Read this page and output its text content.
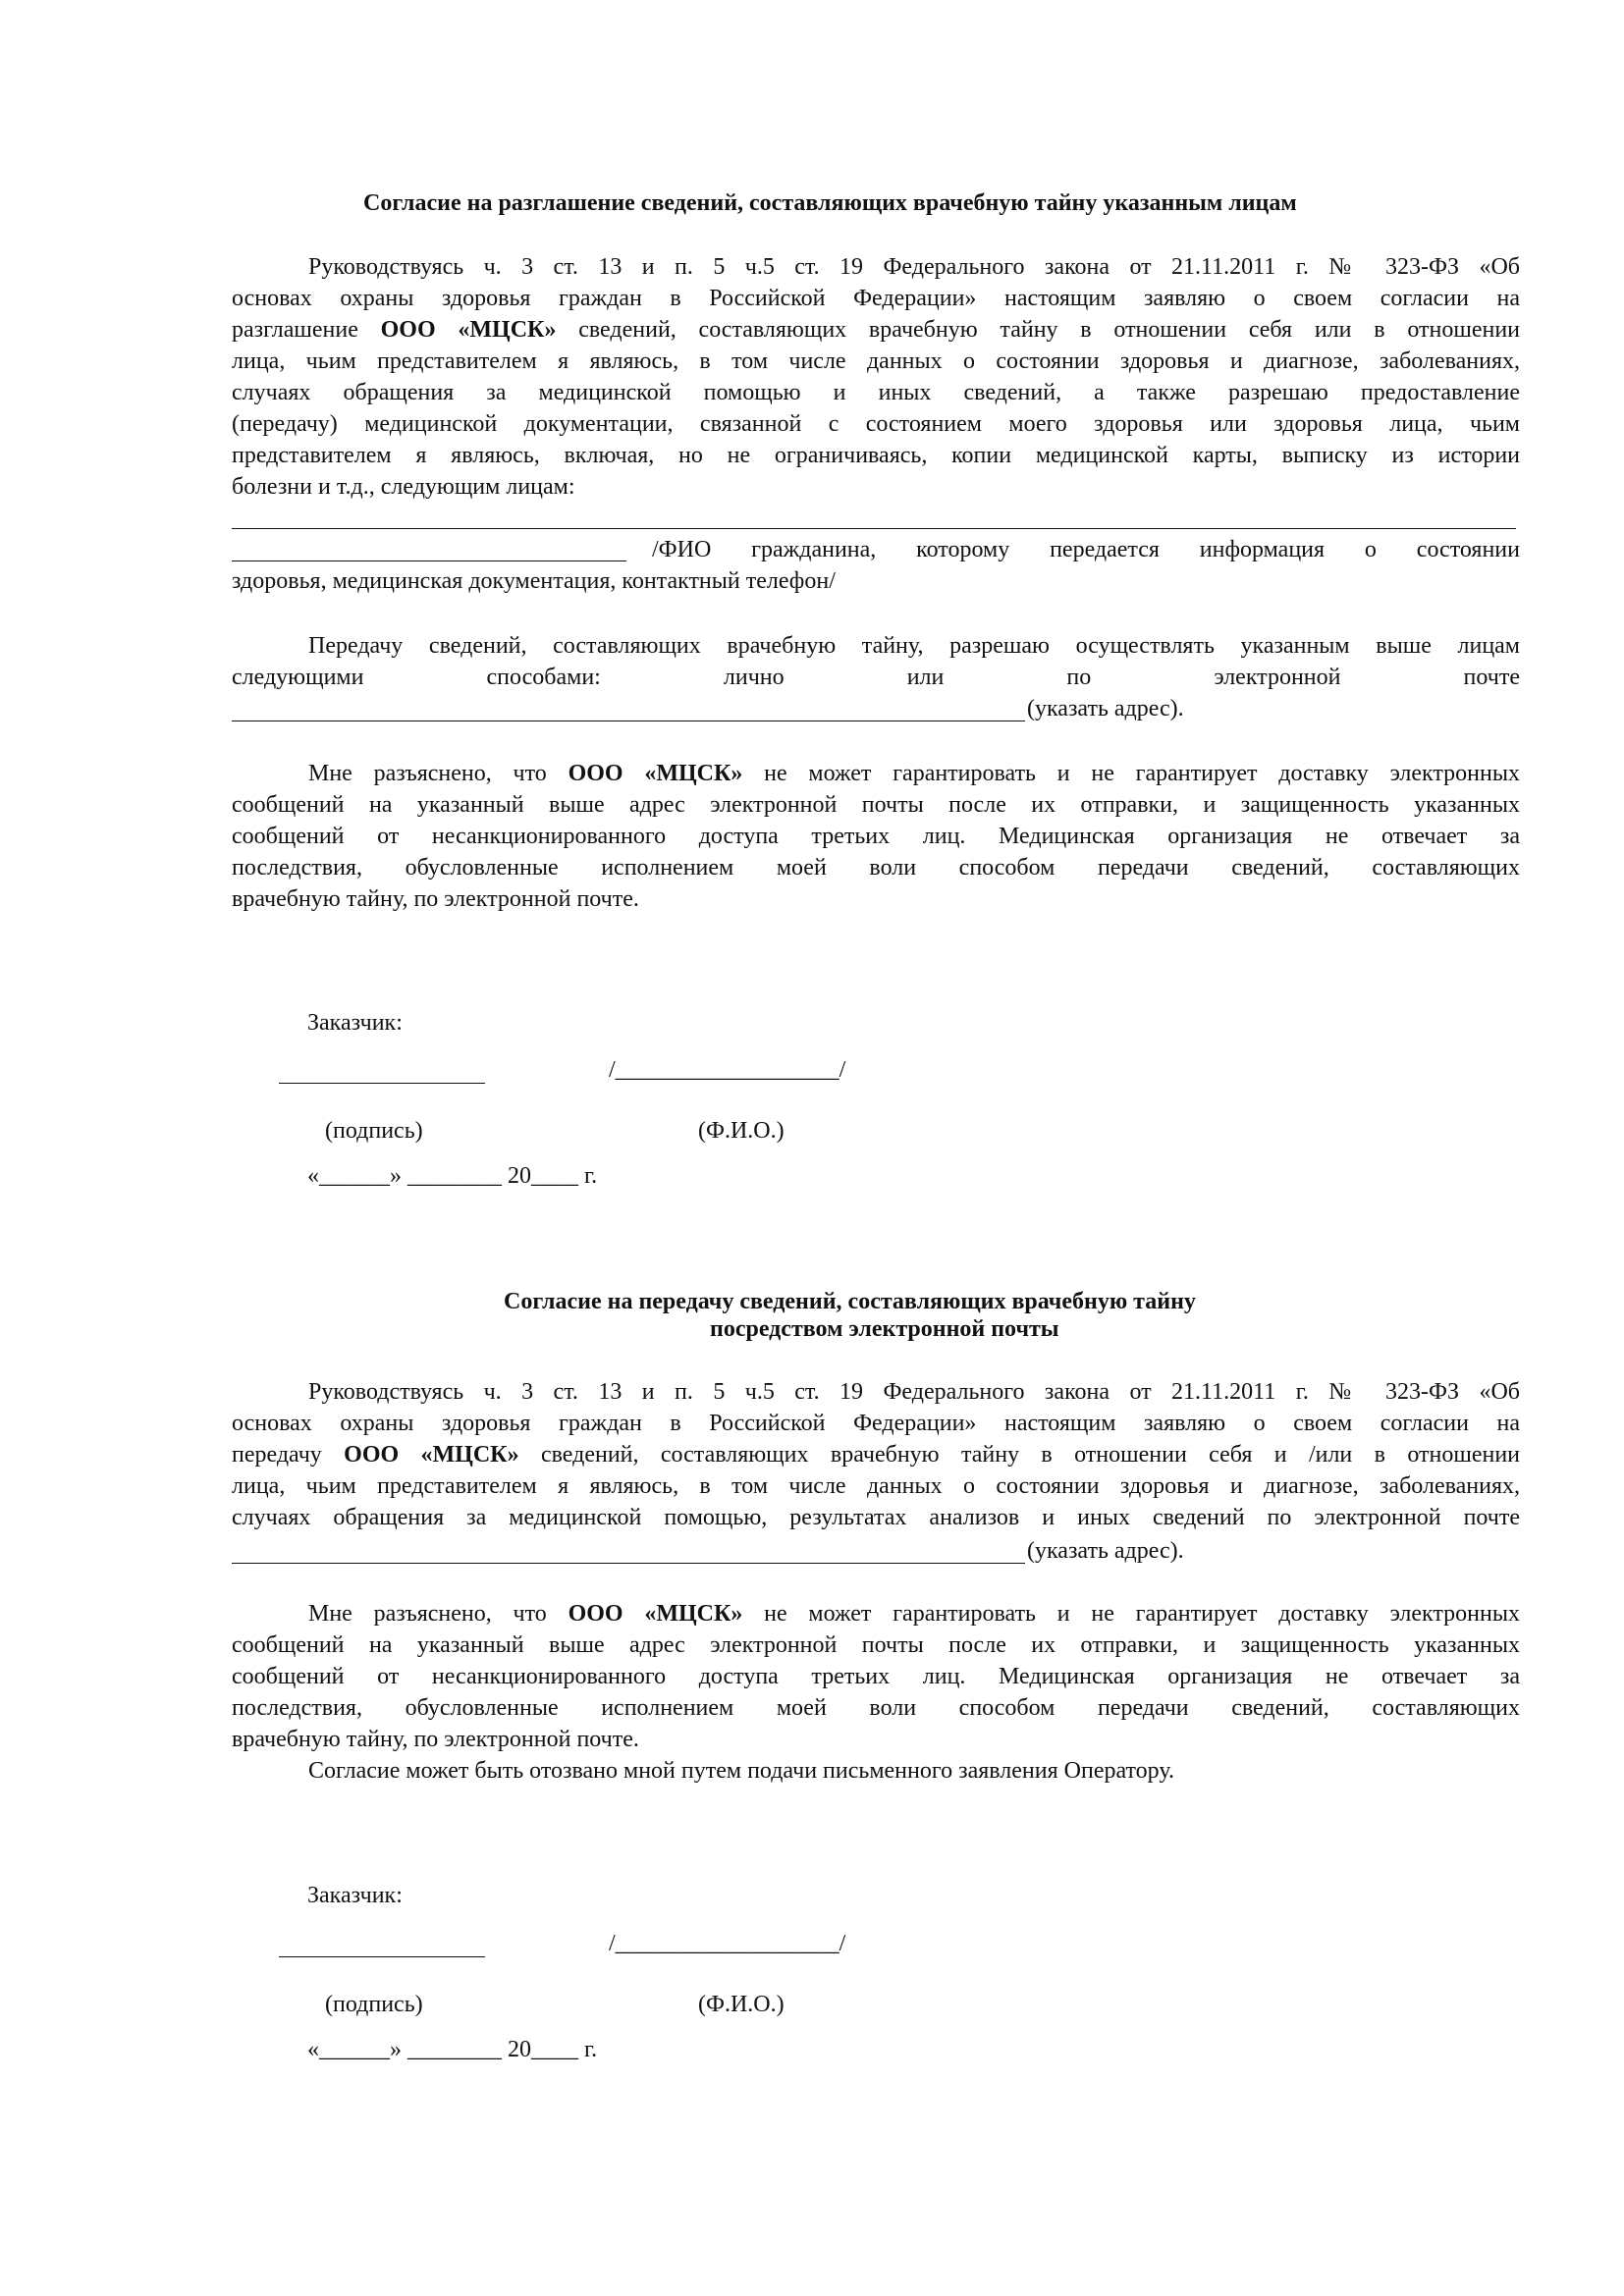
Согласие на разглашение сведений, составляющих врачебную тайну указанным лицам
Руководствуясь ч. 3 ст. 13 и п. 5 ч.5 ст. 19 Федерального закона от 21.11.2011 г. № 323-ФЗ «Об
основах охраны здоровья граждан в Российской Федерации» настоящим заявляю о своем согласии на
разглашение ООО «МЦСК» сведений, составляющих врачебную тайну в отношении себя или в отношении
лица, чьим представителем я являюсь, в том числе данных о состоянии здоровья и диагнозе, заболеваниях,
случаях обращения за медицинской помощью и иных сведений, а также разрешаю предоставление
(передачу) медицинской документации, связанной с состоянием моего здоровья или здоровья лица, чьим
представителем я являюсь, включая, но не ограничиваясь, копии медицинской карты, выписку из истории
болезни и т.д., следующим лицам:
/ФИО гражданина, которому передается информация о состоянии
здоровья, медицинская документация, контактный телефон/
Передачу сведений, составляющих врачебную тайну, разрешаю осуществлять указанным выше лицам
следующими способами: лично или по электронной почте
(указать адрес).
Мне разъяснено, что ООО «МЦСК» не может гарантировать и не гарантирует доставку электронных
сообщений на указанный выше адрес электронной почты после их отправки, и защищенность указанных
сообщений от несанкционированного доступа третьих лиц. Медицинская организация не отвечает за
последствия, обусловленные исполнением моей воли способом передачи сведений, составляющих
врачебную тайну, по электронной почте.
Заказчик:
/___________________/
(подпись)	(Ф.И.О.)
«______» ________ 20____ г.
Согласие на передачу сведений, составляющих врачебную тайну
посредством электронной почты
Руководствуясь ч. 3 ст. 13 и п. 5 ч.5 ст. 19 Федерального закона от 21.11.2011 г. № 323-ФЗ «Об
основах охраны здоровья граждан в Российской Федерации» настоящим заявляю о своем согласии на
передачу ООО «МЦСК» сведений, составляющих врачебную тайну в отношении себя и /или в отношении
лица, чьим представителем я являюсь, в том числе данных о состоянии здоровья и диагнозе, заболеваниях,
случаях обращения за медицинской помощью, результатах анализов и иных сведений по электронной почте
(указать адрес).
Мне разъяснено, что ООО «МЦСК» не может гарантировать и не гарантирует доставку электронных
сообщений на указанный выше адрес электронной почты после их отправки, и защищенность указанных
сообщений от несанкционированного доступа третьих лиц. Медицинская организация не отвечает за
последствия, обусловленные исполнением моей воли способом передачи сведений, составляющих
врачебную тайну, по электронной почте.
Согласие может быть отозвано мной путем подачи письменного заявления Оператору.
Заказчик:
/___________________/
(подпись)	(Ф.И.О.)
«______» ________ 20____ г.
